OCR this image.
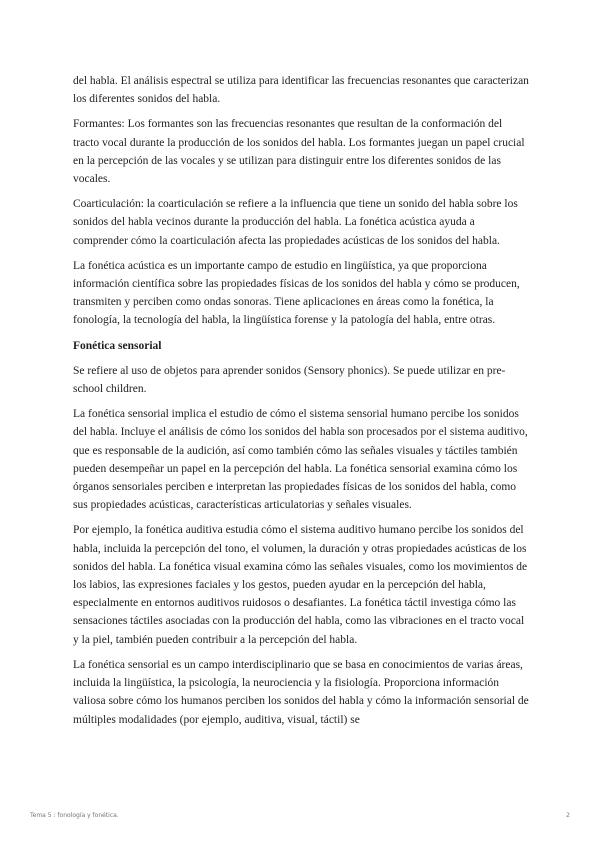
del habla. El análisis espectral se utiliza para identificar las frecuencias resonantes que caracterizan los diferentes sonidos del habla.

Formantes: Los formantes son las frecuencias resonantes que resultan de la conformación del tracto vocal durante la producción de los sonidos del habla. Los formantes juegan un papel crucial en la percepción de las vocales y se utilizan para distinguir entre los diferentes sonidos de las vocales.

Coarticulación: la coarticulación se refiere a la influencia que tiene un sonido del habla sobre los sonidos del habla vecinos durante la producción del habla. La fonética acústica ayuda a comprender cómo la coarticulación afecta las propiedades acústicas de los sonidos del habla.

La fonética acústica es un importante campo de estudio en lingüística, ya que proporciona información científica sobre las propiedades físicas de los sonidos del habla y cómo se producen, transmiten y perciben como ondas sonoras. Tiene aplicaciones en áreas como la fonética, la fonología, la tecnología del habla, la lingüística forense y la patología del habla, entre otras.

Fonética sensorial

Se refiere al uso de objetos para aprender sonidos (Sensory phonics). Se puede utilizar en pre-school children.

La fonética sensorial implica el estudio de cómo el sistema sensorial humano percibe los sonidos del habla. Incluye el análisis de cómo los sonidos del habla son procesados por el sistema auditivo, que es responsable de la audición, así como también cómo las señales visuales y táctiles también pueden desempeñar un papel en la percepción del habla. La fonética sensorial examina cómo los órganos sensoriales perciben e interpretan las propiedades físicas de los sonidos del habla, como sus propiedades acústicas, características articulatorias y señales visuales.

Por ejemplo, la fonética auditiva estudia cómo el sistema auditivo humano percibe los sonidos del habla, incluida la percepción del tono, el volumen, la duración y otras propiedades acústicas de los sonidos del habla. La fonética visual examina cómo las señales visuales, como los movimientos de los labios, las expresiones faciales y los gestos, pueden ayudar en la percepción del habla, especialmente en entornos auditivos ruidosos o desafiantes. La fonética táctil investiga cómo las sensaciones táctiles asociadas con la producción del habla, como las vibraciones en el tracto vocal y la piel, también pueden contribuir a la percepción del habla.

La fonética sensorial es un campo interdisciplinario que se basa en conocimientos de varias áreas, incluida la lingüística, la psicología, la neurociencia y la fisiología. Proporciona información valiosa sobre cómo los humanos perciben los sonidos del habla y cómo la información sensorial de múltiples modalidades (por ejemplo, auditiva, visual, táctil) se

Tema 5 : fonología y fonética.	2
